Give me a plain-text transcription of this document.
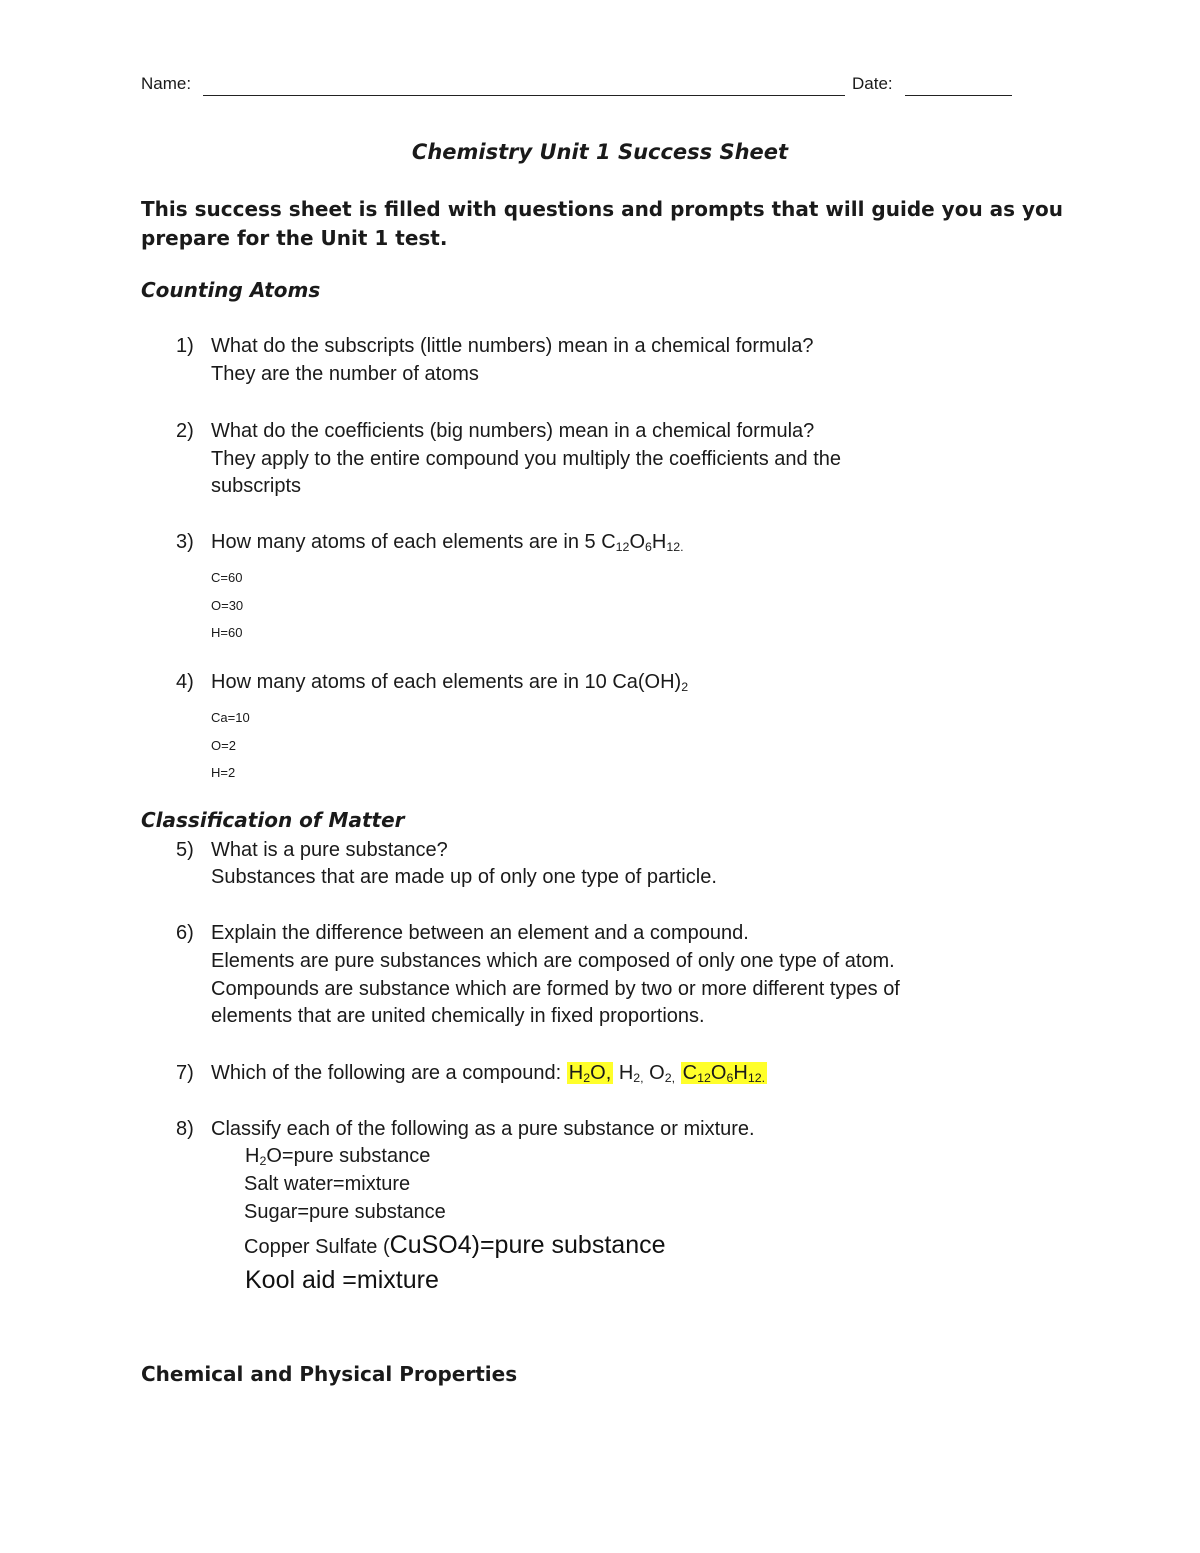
Name:	Date:
Chemistry Unit 1 Success Sheet
This success sheet is filled with questions and prompts that will guide you as you
prepare for the Unit 1 test.
Counting Atoms
1) What do the subscripts (little numbers) mean in a chemical formula?
They are the number of atoms
2) What do the coefficients (big numbers) mean in a chemical formula?
They apply to the entire compound you multiply the coefficients and the
subscripts
3) How many atoms of each elements are in 5 $C_{12}O_6H_{12.}$
C=60
O=30
H=60
4) How many atoms of each elements are in 10 $Ca(OH)_2$
Ca=10
O=2
H=2
Classification of Matter
5) What is a pure substance?
Substances that are made up of only one type of particle.
6) Explain the difference between an element and a compound.
Elements are pure substances which are composed of only one type of atom.
Compounds are substance which are formed by two or more different types of
elements that are united chemically in fixed proportions.
7) Which of the following are a compound: $H_2O$, $H_{2,}$ $O_{2,}$ $C_{12}O_6H_{12.}$
8) Classify each of the following as a pure substance or mixture.
$H_2O=pure$ substance
Salt water=mixture
Sugar=pure substance
Copper Sulfate (CuSO4)=pure substance
Kool aid =mixture
Chemical and Physical Properties
